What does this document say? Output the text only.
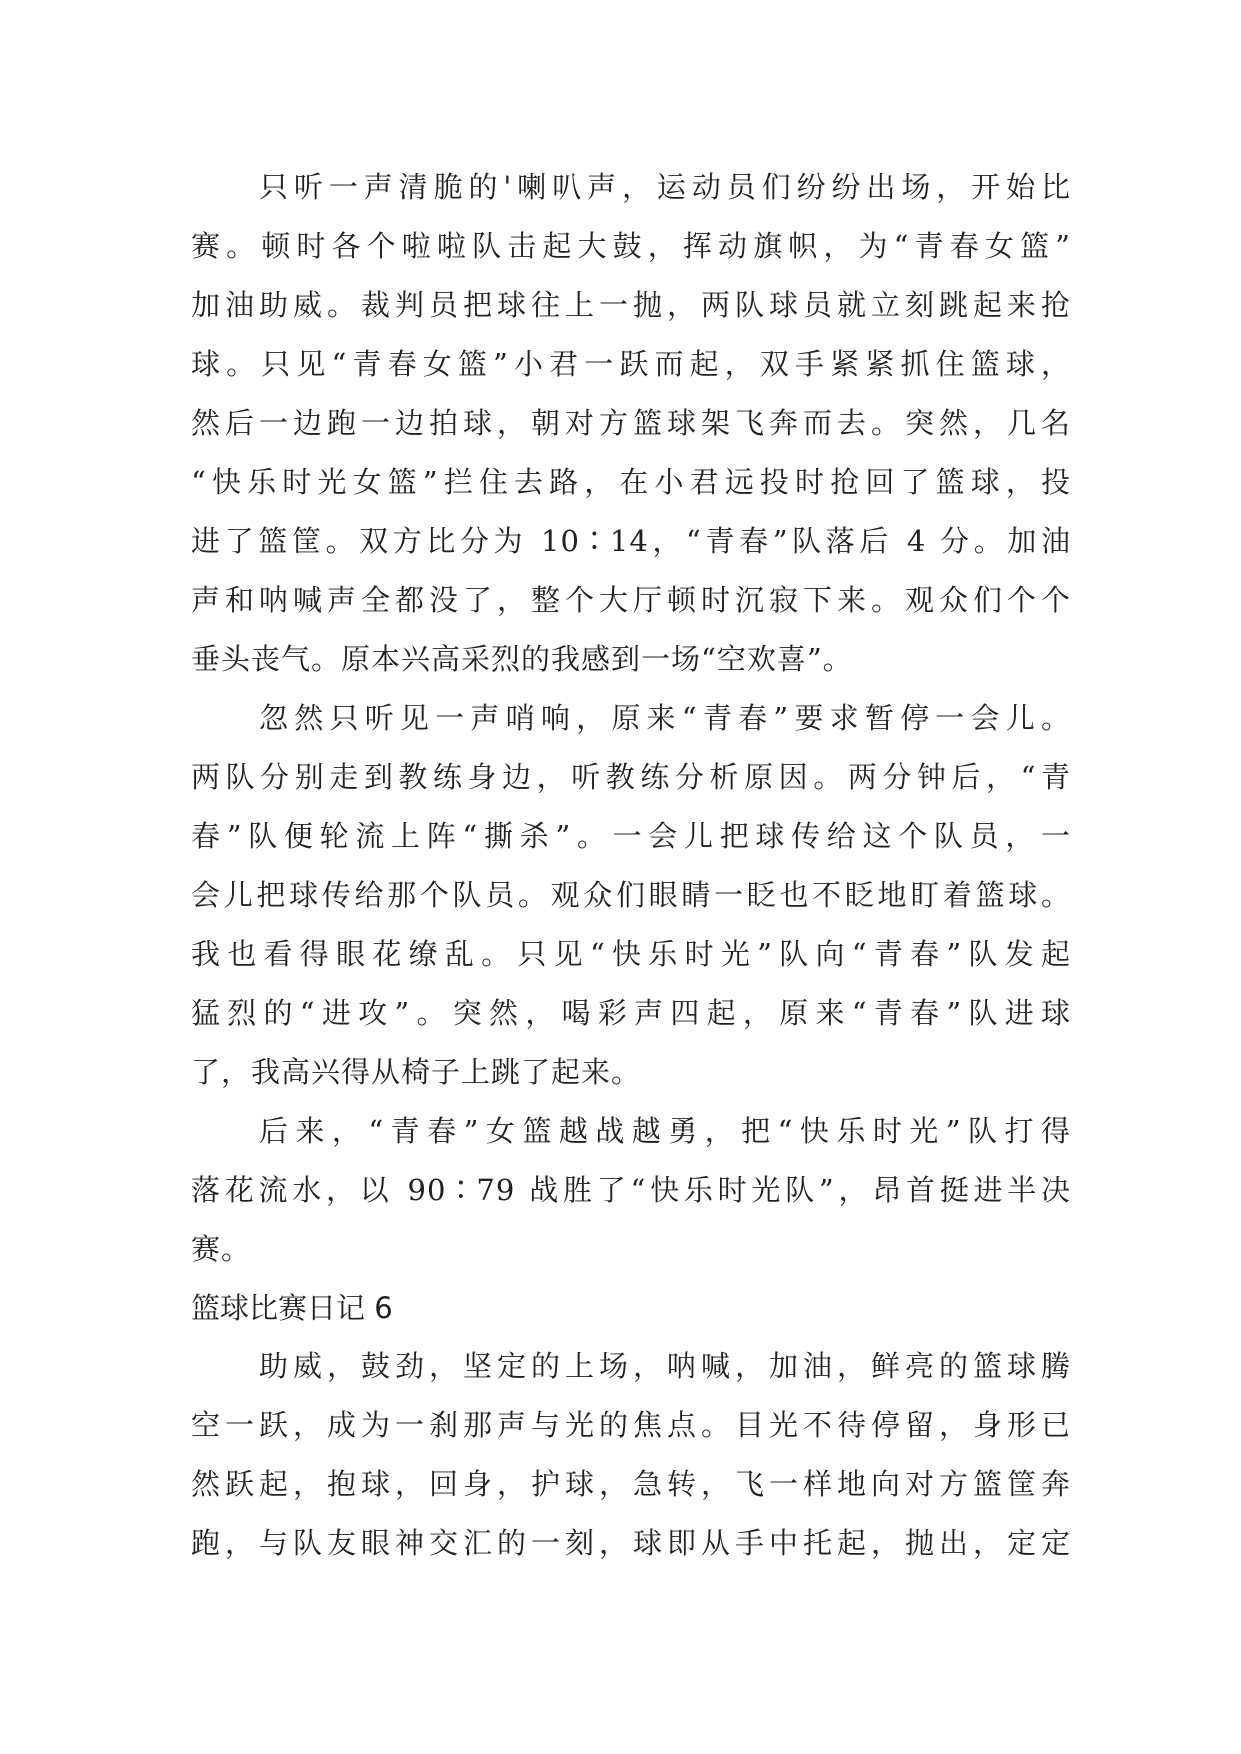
只听一声清脆的'喇叭声，运动员们纷纷出场，开始比
赛。顿时各个啦啦队击起大鼓，挥动旗帜，为“青春女篮”
加油助威。裁判员把球往上一抛，两队球员就立刻跳起来抢
球。只见“青春女篮”小君一跃而起，双手紧紧抓住篮球，
然后一边跑一边拍球，朝对方篮球架飞奔而去。突然，几名
“快乐时光女篮”拦住去路，在小君远投时抢回了篮球，投
进了篮筐。双方比分为 10∶14，“青春”队落后 4 分。加油
声和呐喊声全都没了，整个大厅顿时沉寂下来。观众们个个
垂头丧气。原本兴高采烈的我感到一场“空欢喜”。
忽然只听见一声哨响，原来“青春”要求暂停一会儿。
两队分别走到教练身边，听教练分析原因。两分钟后，“青
春”队便轮流上阵“撕杀”。一会儿把球传给这个队员，一
会儿把球传给那个队员。观众们眼睛一眨也不眨地盯着篮球。
我也看得眼花缭乱。只见“快乐时光”队向“青春”队发起
猛烈的“进攻”。突然，喝彩声四起，原来“青春”队进球
了，我高兴得从椅子上跳了起来。
后来，“青春”女篮越战越勇，把“快乐时光”队打得
落花流水，以 90∶79 战胜了“快乐时光队”，昂首挺进半决
赛。
篮球比赛日记 6
助威，鼓劲，坚定的上场，呐喊，加油，鲜亮的篮球腾
空一跃，成为一刹那声与光的焦点。目光不待停留，身形已
然跃起，抱球，回身，护球，急转，飞一样地向对方篮筐奔
跑，与队友眼神交汇的一刻，球即从手中托起，抛出，定定
